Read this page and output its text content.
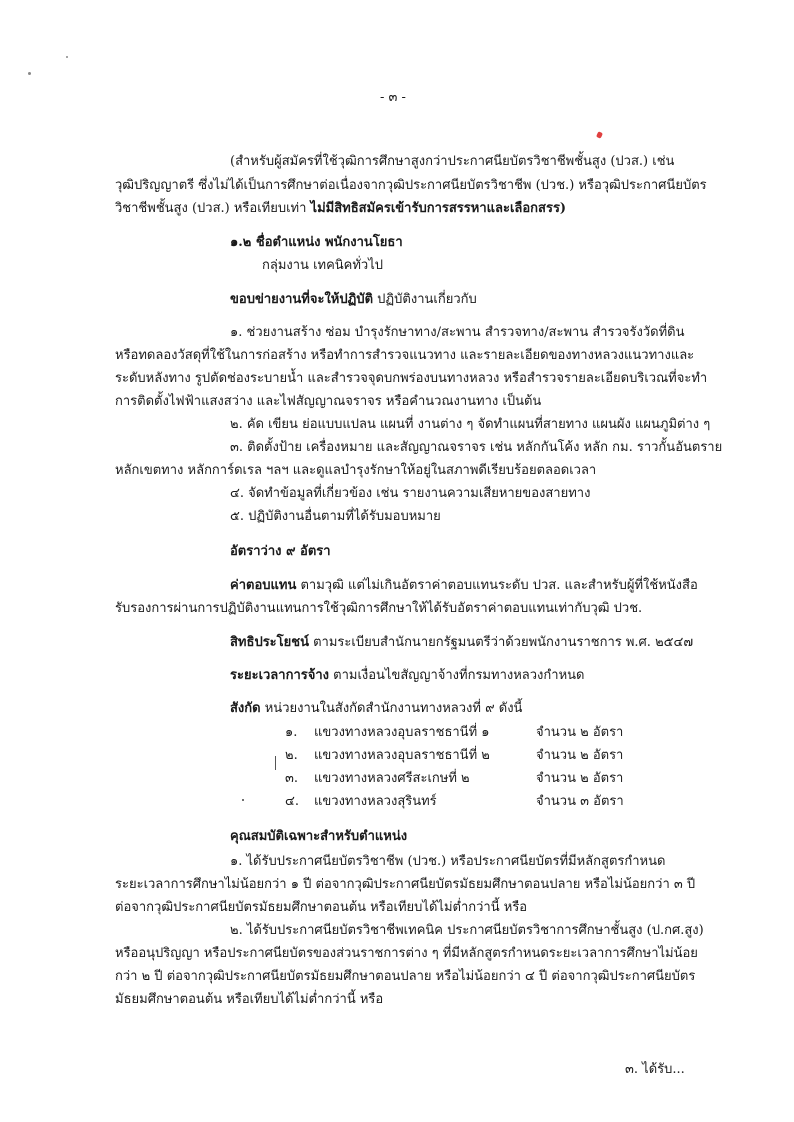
- ๓ -
(สำหรับผู้สมัครที่ใช้วุฒิการศึกษาสูงกว่าประกาศนียบัตรวิชาชีพชั้นสูง (ปวส.) เช่น
วุฒิปริญญาตรี ซึ่งไม่ได้เป็นการศึกษาต่อเนื่องจากวุฒิประกาศนียบัตรวิชาชีพ (ปวช.) หรือวุฒิประกาศนียบัตร
วิชาชีพชั้นสูง (ปวส.) หรือเทียบเท่า ไม่มีสิทธิสมัครเข้ารับการสรรหาและเลือกสรร)
๑.๒ ชื่อตำแหน่ง พนักงานโยธา
กลุ่มงาน เทคนิคทั่วไป
ขอบข่ายงานที่จะให้ปฏิบัติ ปฏิบัติงานเกี่ยวกับ
๑. ช่วยงานสร้าง ซ่อม บำรุงรักษาทาง/สะพาน สำรวจทาง/สะพาน สำรวจรังวัดที่ดิน
หรือทดลองวัสดุที่ใช้ในการก่อสร้าง หรือทำการสำรวจแนวทาง และรายละเอียดของทางหลวงแนวทางและ
ระดับหลังทาง รูปตัดช่องระบายน้ำ และสำรวจจุดบกพร่องบนทางหลวง หรือสำรวจรายละเอียดบริเวณที่จะทำ
การติดตั้งไฟฟ้าแสงสว่าง และไฟสัญญาณจราจร หรือคำนวณงานทาง เป็นต้น
๒. คัด เขียน ย่อแบบแปลน แผนที่ งานต่าง ๆ จัดทำแผนที่สายทาง แผนผัง แผนภูมิต่าง ๆ
๓. ติดตั้งป้าย เครื่องหมาย และสัญญาณจราจร เช่น หลักกันโค้ง หลัก กม. ราวกั้นอันตราย
หลักเขตทาง หลักการ์ดเรล ฯลฯ และดูแลบำรุงรักษาให้อยู่ในสภาพดีเรียบร้อยตลอดเวลา
๔. จัดทำข้อมูลที่เกี่ยวข้อง เช่น รายงานความเสียหายของสายทาง
๕. ปฏิบัติงานอื่นตามที่ได้รับมอบหมาย
อัตราว่าง ๙ อัตรา
ค่าตอบแทน ตามวุฒิ แต่ไม่เกินอัตราค่าตอบแทนระดับ ปวส. และสำหรับผู้ที่ใช้หนังสือ
รับรองการผ่านการปฏิบัติงานแทนการใช้วุฒิการศึกษาให้ได้รับอัตราค่าตอบแทนเท่ากับวุฒิ ปวช.
สิทธิประโยชน์ ตามระเบียบสำนักนายกรัฐมนตรีว่าด้วยพนักงานราชการ พ.ศ. ๒๕๔๗
ระยะเวลาการจ้าง ตามเงื่อนไขสัญญาจ้างที่กรมทางหลวงกำหนด
สังกัด หน่วยงานในสังกัดสำนักงานทางหลวงที่ ๙ ดังนี้
๑. แขวงทางหลวงอุบลราชธานีที่ ๑	จำนวน ๒ อัตรา
๒. แขวงทางหลวงอุบลราชธานีที่ ๒	จำนวน ๒ อัตรา
๓. แขวงทางหลวงศรีสะเกษที่ ๒	จำนวน ๒ อัตรา
๔. แขวงทางหลวงสุรินทร์	จำนวน ๓ อัตรา
คุณสมบัติเฉพาะสำหรับตำแหน่ง
๑. ได้รับประกาศนียบัตรวิชาชีพ (ปวช.) หรือประกาศนียบัตรที่มีหลักสูตรกำหนด
ระยะเวลาการศึกษาไม่น้อยกว่า ๑ ปี ต่อจากวุฒิประกาศนียบัตรมัธยมศึกษาตอนปลาย หรือไม่น้อยกว่า ๓ ปี
ต่อจากวุฒิประกาศนียบัตรมัธยมศึกษาตอนต้น หรือเทียบได้ไม่ต่ำกว่านี้ หรือ
๒. ได้รับประกาศนียบัตรวิชาชีพเทคนิค ประกาศนียบัตรวิชาการศึกษาชั้นสูง (ป.กศ.สูง)
หรืออนุปริญญา หรือประกาศนียบัตรของส่วนราชการต่าง ๆ ที่มีหลักสูตรกำหนดระยะเวลาการศึกษาไม่น้อย
กว่า ๒ ปี ต่อจากวุฒิประกาศนียบัตรมัธยมศึกษาตอนปลาย หรือไม่น้อยกว่า ๔ ปี ต่อจากวุฒิประกาศนียบัตร
มัธยมศึกษาตอนต้น หรือเทียบได้ไม่ต่ำกว่านี้ หรือ
๓. ได้รับ...
